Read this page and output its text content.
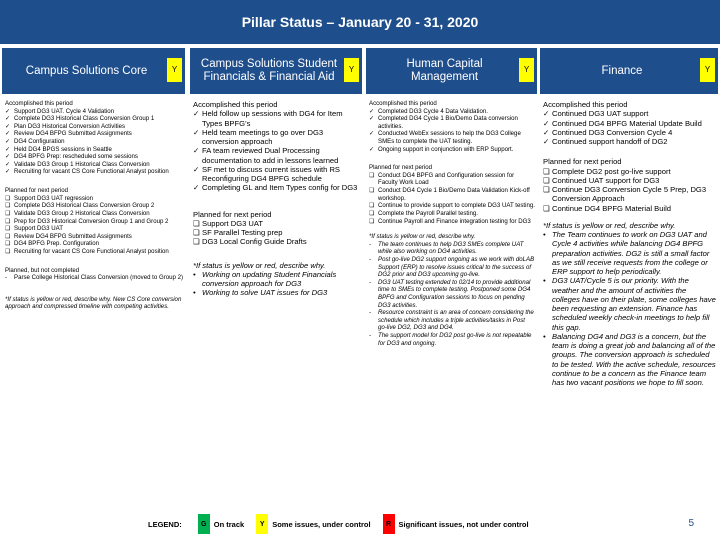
Pillar Status – January 20 - 31, 2020
Campus Solutions Core	Y
Accomplished this period
✓ Support DG3 UAT. Cycle 4 Validation
✓ Complete DG3 Historical Class Conversion Group 1
✓ Plan DG3 Historical Conversion Activities
✓ Review DG4 BFPG Submitted Assignments
✓ DG4 Configuration
✓ Held DG4 BPGS sessions in Seattle
✓ DG4 BPFG Prep: rescheduled some sessions
✓ Validate DG3 Group 1 Historical Class Conversion
✓ Recruiting for vacant CS Core Functional Analyst position
Planned for next period
❏ Support DG3 UAT regression
❏ Complete DG3 Historical Class Conversion Group 2
❏ Validate DG3 Group 2 Historical Class Conversion
❏ Prep for DG3 Historical Conversion Group 1 and Group 2
❏ Support DG3 UAT
❏ Review DG4 BFPG Submitted Assignments
❏ DG4 BPFG Prep. Configuration
❏ Recruiting for vacant CS Core Functional Analyst position
Planned, but not completed
- Parse College Historical Class Conversion (moved to Group 2)
*If status is yellow or red, describe why. New CS Core conversion approach and compressed timeline with competing activities.
Campus Solutions Student Financials & Financial Aid
Y
Accomplished this period
✓ Held follow up sessions with DG4 for Item Types BPFG’s
✓ Held team meetings to go over DG3 conversion approach
✓ FA team reviewed Dual Processing documentation to add in lessons learned
✓ SF met to discuss current issues with RS Reconfiguring DG4 BPFG schedule
✓ Completing GL and Item Types config for DG3
Planned for next period
❏ Support DG3 UAT
❏ SF Parallel Testing prep
❏ DG3 Local Config Guide Drafts
*If status is yellow or red, describe why.
• Working on updating Student Financials conversion approach for DG3
• Working to solve UAT issues for DG3
Human Capital Management
Y
Accomplished this period
✓ Completed DG3 Cycle 4 Data Validation.
✓ Completed DG4 Cycle 1 Bio/Demo Data conversion activities.
✓ Conducted WebEx sessions to help the DG3 College SMEs to complete the UAT testing.
✓ Ongoing support in conjunction with ERP Support.
Planned for next period
❏ Conduct DG4 BPFG and Configuration session for Faculty Work Load
❏ Conduct DG4 Cycle 1 Bio/Demo Data Validation Kick-off workshop.
❏ Continue to provide support to complete DG3 UAT testing.
❏ Complete the Payroll Parallel testing.
❏ Continue Payroll and Finance integration testing for DG3
*If status is yellow or red, describe why.
- The team continues to help DG3 SMEs complete UAT while also working on DG4 activities.
- Post go-live DG2 support ongoing as we work with doLAB Support (ERP) to resolve issues critical to the success of DG2 prior and DG3 upcoming go-live.
- DG3 UAT testing extended to 02/14 to provide additional time to SMEs to complete testing. Postponed some DG4 BPFG and Configuration sessions to focus on pending DG3 activities.
- Resource constraint is an area of concern considering the schedule which includes a triple activities/tasks in Post go-live DG2, DG3 and DG4.
- The support model for DG2 post go-live is not repeatable for DG3 and ongoing.
Finance	Y
Accomplished this period
✓ Continued DG3 UAT support
✓ Continued DG4 BPFG Material Update Build
✓ Continued DG3 Conversion Cycle 4
✓ Continued support handoff of DG2
Planned for next period
❏ Complete DG2 post go-live support
❏ Continued UAT support for DG3
❏ Continue DG3 Conversion Cycle 5 Prep, DG3 Conversion Approach
❏ Continue DG4 BPFG Material Build
*If status is yellow or red, describe why.
• The Team continues to work on DG3 UAT and Cycle 4 activities while balancing DG4 BPFG preparation activities. DG2 is still a small factor as we still receive requests from the college or ERP support to help periodically.
• DG3 UAT/Cycle 5 is our priority. With the weather and the amount of activities the colleges have on their plate, some colleges have been requesting an extension. Finance has scheduled weekly check-in meetings to help fill this gap.
• Balancing DG4 and DG3 is a concern, but the team is doing a great job and balancing all of the groups. The conversion approach is scheduled to be tested. With the active schedule, resources continue to be a concern as the Finance team has two vacant positions we hope to fill soon.
LEGEND:	G On track	Y	Some issues, under control	R Significant issues, not under control	5
